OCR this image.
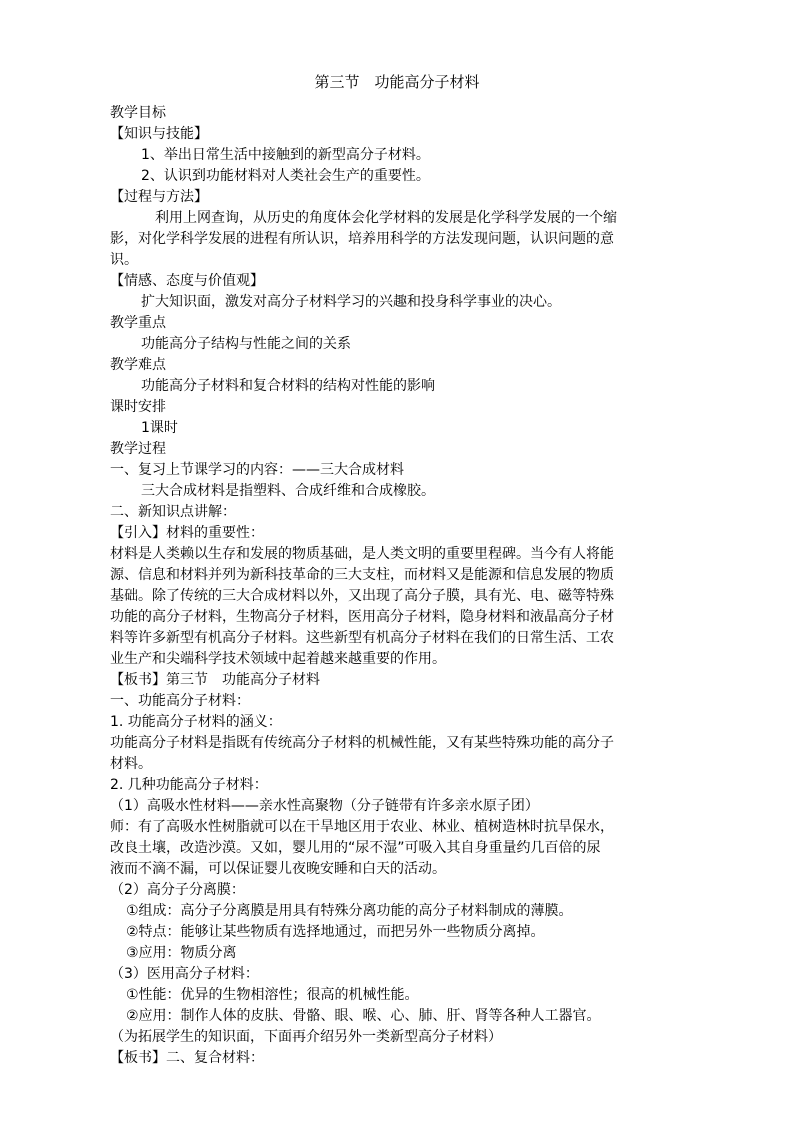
第三节　功能高分子材料
教学目标
【知识与技能】
1、举出日常生活中接触到的新型高分子材料。
2、认识到功能材料对人类社会生产的重要性。
【过程与方法】
　利用上网查询，从历史的角度体会化学材料的发展是化学科学发展的一个缩
影，对化学科学发展的进程有所认识，培养用科学的方法发现问题，认识问题的意
识。
【情感、态度与价值观】
扩大知识面，激发对高分子材料学习的兴趣和投身科学事业的决心。
教学重点
功能高分子结构与性能之间的关系
教学难点
功能高分子材料和复合材料的结构对性能的影响
课时安排
1课时
教学过程
一、复习上节课学习的内容：——三大合成材料
三大合成材料是指塑料、合成纤维和合成橡胶。
二、新知识点讲解：
【引入】材料的重要性：
材料是人类赖以生存和发展的物质基础，是人类文明的重要里程碑。当今有人将能
源、信息和材料并列为新科技革命的三大支柱，而材料又是能源和信息发展的物质
基础。除了传统的三大合成材料以外，又出现了高分子膜，具有光、电、磁等特殊
功能的高分子材料，生物高分子材料，医用高分子材料，隐身材料和液晶高分子材
料等许多新型有机高分子材料。这些新型有机高分子材料在我们的日常生活、工农
业生产和尖端科学技术领域中起着越来越重要的作用。
【板书】第三节　功能高分子材料
一、功能高分子材料：
1. 功能高分子材料的涵义：
功能高分子材料是指既有传统高分子材料的机械性能，又有某些特殊功能的高分子
材料。
2. 几种功能高分子材料：
（1）高吸水性材料——亲水性高聚物（分子链带有许多亲水原子团）
师：有了高吸水性树脂就可以在干旱地区用于农业、林业、植树造林时抗旱保水，
改良土壤，改造沙漠。又如，婴儿用的“尿不湿”可吸入其自身重量约几百倍的尿
液而不滴不漏，可以保证婴儿夜晚安睡和白天的活动。
（2）高分子分离膜：
①组成：高分子分离膜是用具有特殊分离功能的高分子材料制成的薄膜。
②特点：能够让某些物质有选择地通过，而把另外一些物质分离掉。
③应用：物质分离
（3）医用高分子材料：
①性能：优异的生物相溶性；很高的机械性能。
②应用：制作人体的皮肤、骨骼、眼、喉、心、肺、肝、肾等各种人工器官。
（为拓展学生的知识面，下面再介绍另外一类新型高分子材料）
【板书】二、复合材料：
